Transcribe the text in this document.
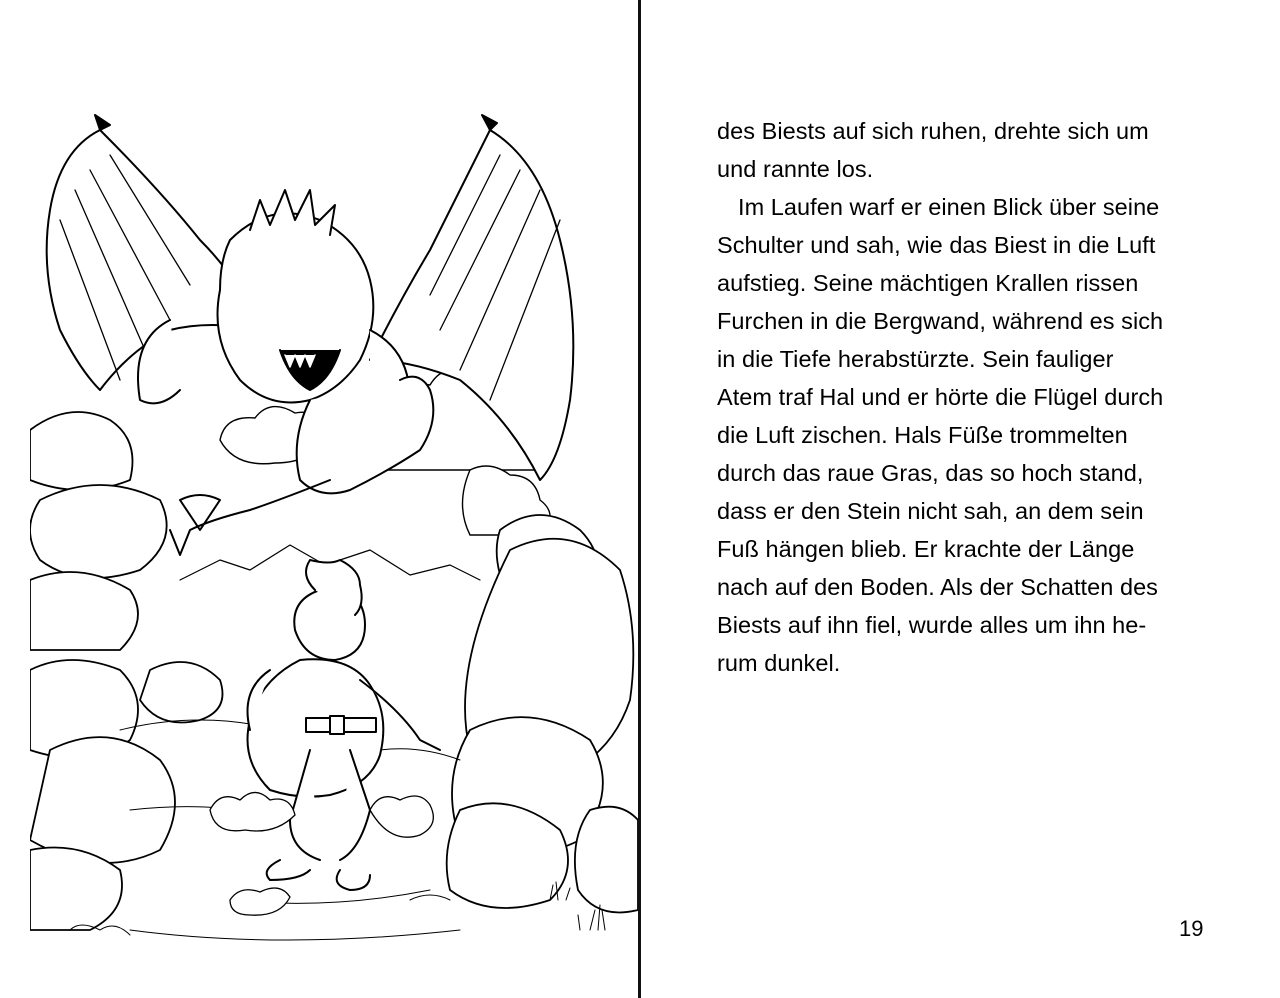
des Biests auf sich ruhen, drehte sich um
und rannte los.
Im Laufen warf er einen Blick über seine
Schulter und sah, wie das Biest in die Luft
aufstieg. Seine mächtigen Krallen rissen
Furchen in die Bergwand, während es sich
in die Tiefe herabstürzte. Sein fauliger
Atem traf Hal und er hörte die Flügel durch
die Luft zischen. Hals Füße trommelten
durch das raue Gras, das so hoch stand,
dass er den Stein nicht sah, an dem sein
Fuß hängen blieb. Er krachte der Länge
nach auf den Boden. Als der Schatten des
Biests auf ihn fiel, wurde alles um ihn he-
rum dunkel.
19
